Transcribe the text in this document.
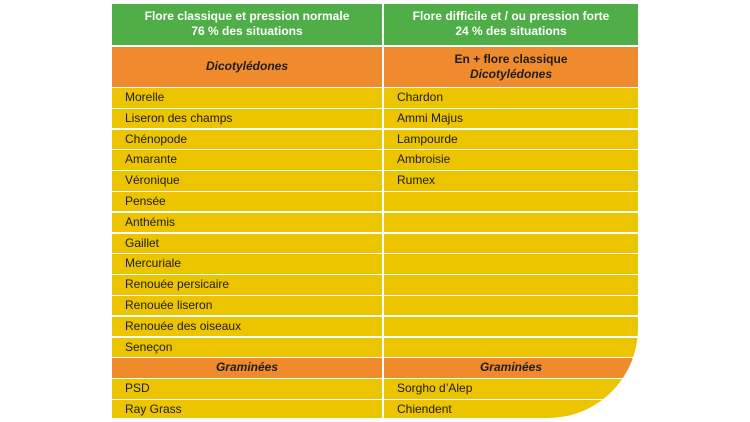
Flore classique et pression normale
76 % des situations
Dicotylédones
Morelle
Liseron des champs
Chénopode
Amarante
Véronique
Pensée
Anthémis
Gaillet
Mercuriale
Renouée persicaire
Renouée liseron
Renouée des oiseaux
Seneçon
Graminées
PSD
Ray Grass
Flore difficile et / ou pression forte
24 % des situations
En + flore classique
Dicotylédones
Chardon
Ammi Majus
Lampourde
Ambroisie
Rumex
Graminées
Sorgho d’Alep
Chiendent
